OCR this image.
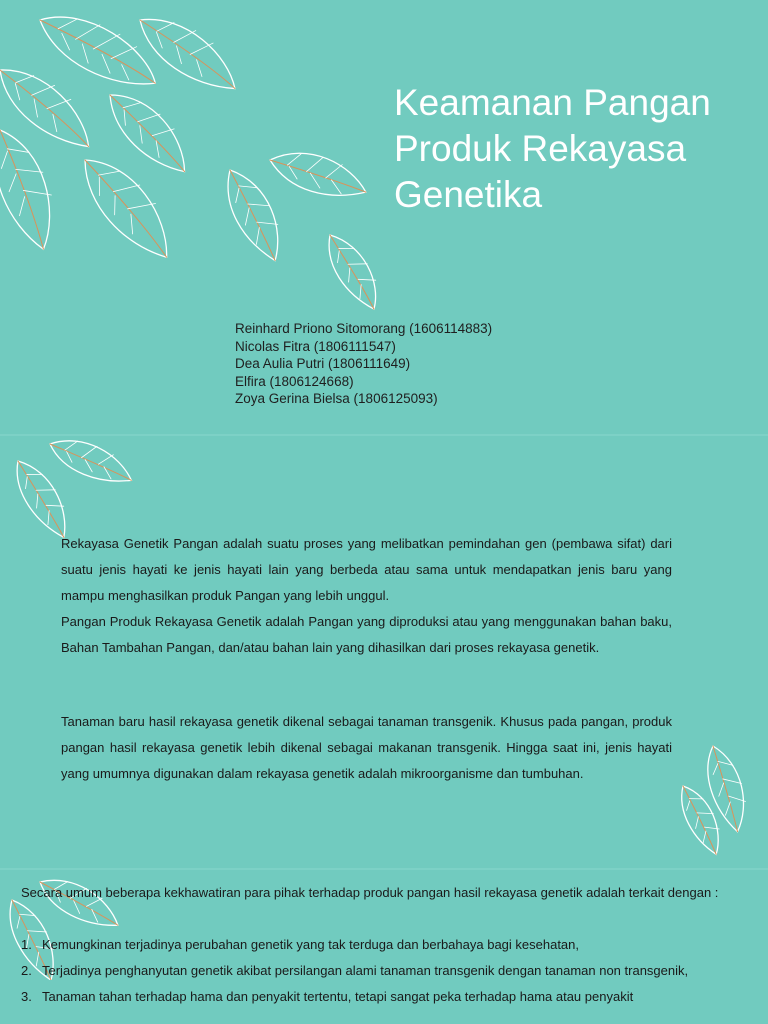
Keamanan Pangan
Produk Rekayasa
Genetika
Reinhard Priono Sitomorang (1606114883)
Nicolas Fitra (1806111547)
Dea Aulia Putri (1806111649)
Elfira (1806124668)
Zoya Gerina Bielsa (1806125093)

Rekayasa Genetik Pangan adalah suatu proses yang melibatkan pemindahan gen (pembawa sifat) dari suatu jenis hayati ke jenis hayati lain yang berbeda atau sama untuk mendapatkan jenis baru yang mampu menghasilkan produk Pangan yang lebih unggul.
Pangan Produk Rekayasa Genetik adalah Pangan yang diproduksi atau yang menggunakan bahan baku, Bahan Tambahan Pangan, dan/atau bahan lain yang dihasilkan dari proses rekayasa genetik.

Tanaman baru hasil rekayasa genetik dikenal sebagai tanaman transgenik. Khusus pada pangan, produk pangan hasil rekayasa genetik lebih dikenal sebagai makanan transgenik. Hingga saat ini, jenis hayati yang umumnya digunakan dalam rekayasa genetik adalah mikroorganisme dan tumbuhan.

Secara umum beberapa kekhawatiran para pihak terhadap produk pangan hasil rekayasa genetik adalah terkait dengan :

1. Kemungkinan terjadinya perubahan genetik yang tak terduga dan berbahaya bagi kesehatan,
2. Terjadinya penghanyutan genetik akibat persilangan alami tanaman transgenik dengan tanaman non transgenik,
3. Tanaman tahan terhadap hama dan penyakit tertentu, tetapi sangat peka terhadap hama atau penyakit
